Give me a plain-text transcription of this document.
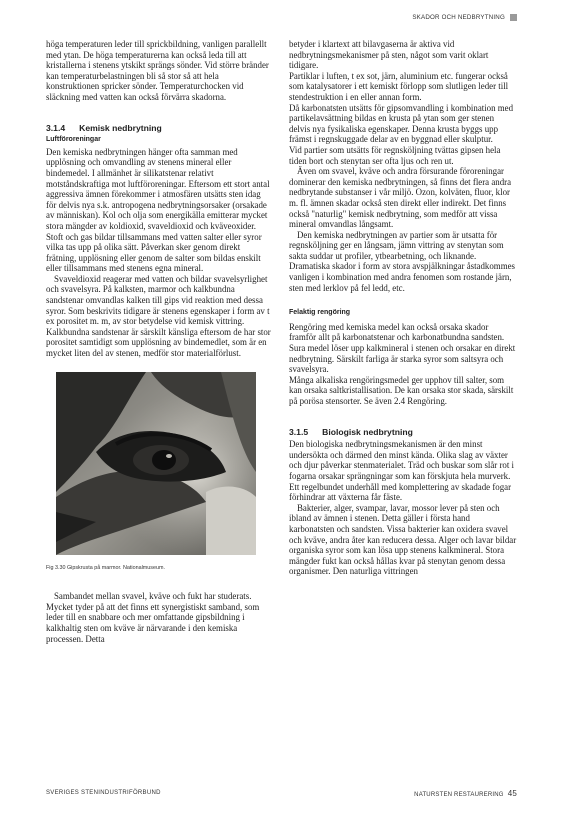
SKADOR OCH NEDBRYTNING

höga temperaturen leder till sprickbildning, vanligen parallellt med ytan. De höga temperaturerna kan också leda till att kristallerna i stenens ytskikt sprängs sönder. Vid större bränder kan temperaturbelastningen bli så stor så att hela konstruktionen spricker sönder. Temperaturchocken vid släckning med vatten kan också förvärra skadorna.

3.1.4 Kemisk nedbrytning
Luftföroreningar

Den kemiska nedbrytningen hänger ofta samman med upplösning och omvandling av stenens mineral eller bindemedel. I allmänhet är silikatstenar relativt motståndskraftiga mot luftföroreningar. Eftersom ett stort antal aggressiva ämnen förekommer i atmosfären utsätts sten idag för delvis nya s.k. antropogena nedbrytningsorsaker (orsakade av människan). Kol och olja som energikälla emitterar mycket stora mängder av koldioxid, svaveldioxid och kväveoxider. Stoft och gas bildar tillsammans med vatten salter eller syror vilka tas upp på olika sätt. Påverkan sker genom direkt frätning, upplösning eller genom de salter som bildas enskilt eller tillsammans med stenens egna mineral.

Svaveldioxid reagerar med vatten och bildar svavelsyrlighet och svavelsyra. På kalksten, marmor och kalkbundna sandstenar omvandlas kalken till gips vid reaktion med dessa syror. Som beskrivits tidigare är stenens egenskaper i form av t ex porositet m. m, av stor betydelse vid kemisk vittring. Kalkbundna sandstenar är särskilt känsliga eftersom de har stor porositet samtidigt som upplösning av bindemedlet, som är en mycket liten del av stenen, medför stor materialförlust.

Fig 3.30 Gipskrusta på marmor. Nationalmuseum.

Sambandet mellan svavel, kväve och fukt har studerats. Mycket tyder på att det finns ett synergistiskt samband, som leder till en snabbare och mer omfattande gipsbildning i kalkhaltig sten om kväve är närvarande i den kemiska processen. Detta

betyder i klartext att bilavgaserna är aktiva vid nedbrytningsmekanismer på sten, något som varit oklart tidigare.

Partiklar i luften, t ex sot, järn, aluminium etc. fungerar också som katalysatorer i ett kemiskt förlopp som slutligen leder till stendestruktion i en eller annan form.

Då karbonatsten utsätts för gipsomvandling i kombination med partikelavsättning bildas en krusta på ytan som ger stenen delvis nya fysikaliska egenskaper. Denna krusta byggs upp främst i regnskuggade delar av en byggnad eller skulptur.

Vid partier som utsätts för regnsköljning tvättas gipsen hela tiden bort och stenytan ser ofta ljus och ren ut.

Även om svavel, kväve och andra försurande föroreningar dominerar den kemiska nedbrytningen, så finns det flera andra nedbrytande substanser i vår miljö. Ozon, kolväten, fluor, klor m. fl. ämnen skadar också sten direkt eller indirekt. Det finns också "naturlig" kemisk nedbrytning, som medför att vissa mineral omvandlas långsamt.

Den kemiska nedbrytningen av partier som är utsatta för regnsköljning ger en långsam, jämn vittring av stenytan som sakta suddar ut profiler, ytbearbetning, och liknande. Dramatiska skador i form av stora avspjälkningar åstadkommes vanligen i kombination med andra fenomen som rostande järn, sten med lerklov på fel ledd, etc.

Felaktig rengöring

Rengöring med kemiska medel kan också orsaka skador framför allt på karbonatstenar och karbonatbundna sandsten. Sura medel löser upp kalkmineral i stenen och orsakar en direkt nedbrytning. Särskilt farliga är starka syror som saltsyra och svavelsyra.

Många alkaliska rengöringsmedel ger upphov till salter, som kan orsaka saltkristallisation. De kan orsaka stor skada, särskilt på porösa stensorter. Se även 2.4 Rengöring.

3.1.5 Biologisk nedbrytning

Den biologiska nedbrytningsmekanismen är den minst undersökta och därmed den minst kända. Olika slag av växter och djur påverkar stenmaterialet. Träd och buskar som slår rot i fogarna orsakar sprängningar som kan förskjuta hela murverk. Ett regelbundet underhåll med komplettering av skadade fogar förhindrar att växterna får fäste.

Bakterier, alger, svampar, lavar, mossor lever på sten och ibland av ämnen i stenen. Detta gäller i första hand karbonatsten och sandsten. Vissa bakterier kan oxidera svavel och kväve, andra åter kan reducera dessa. Alger och lavar bildar organiska syror som kan lösa upp stenens kalkmineral. Stora mängder fukt kan också hållas kvar på stenytan genom dessa organismer. Den naturliga vittringen

SVERIGES STENINDUSTRIFÖRBUND	NATURSTEN RESTAURERING 45
